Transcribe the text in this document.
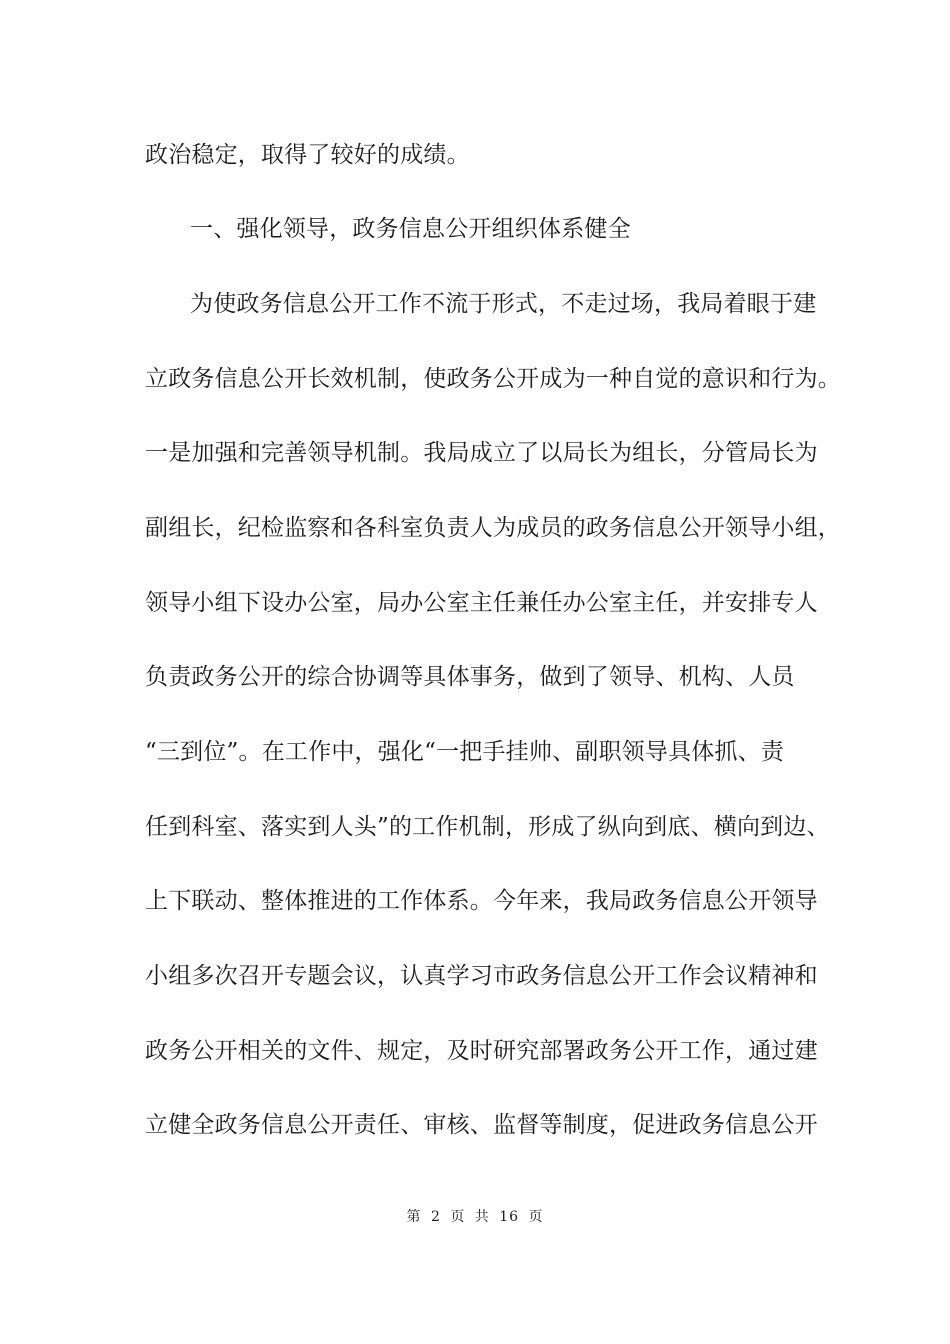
政治稳定，取得了较好的成绩。
一、强化领导，政务信息公开组织体系健全
为使政务信息公开工作不流于形式，不走过场，我局着眼于建
立政务信息公开长效机制，使政务公开成为一种自觉的意识和行为。
一是加强和完善领导机制。我局成立了以局长为组长，分管局长为
副组长，纪检监察和各科室负责人为成员的政务信息公开领导小组，
领导小组下设办公室，局办公室主任兼任办公室主任，并安排专人
负责政务公开的综合协调等具体事务，做到了领导、机构、人员
“三到位”。在工作中，强化“一把手挂帅、副职领导具体抓、责
任到科室、落实到人头”的工作机制，形成了纵向到底、横向到边、
上下联动、整体推进的工作体系。今年来，我局政务信息公开领导
小组多次召开专题会议，认真学习市政务信息公开工作会议精神和
政务公开相关的文件、规定，及时研究部署政务公开工作，通过建
立健全政务信息公开责任、审核、监督等制度，促进政务信息公开
第 2 页 共 16 页
